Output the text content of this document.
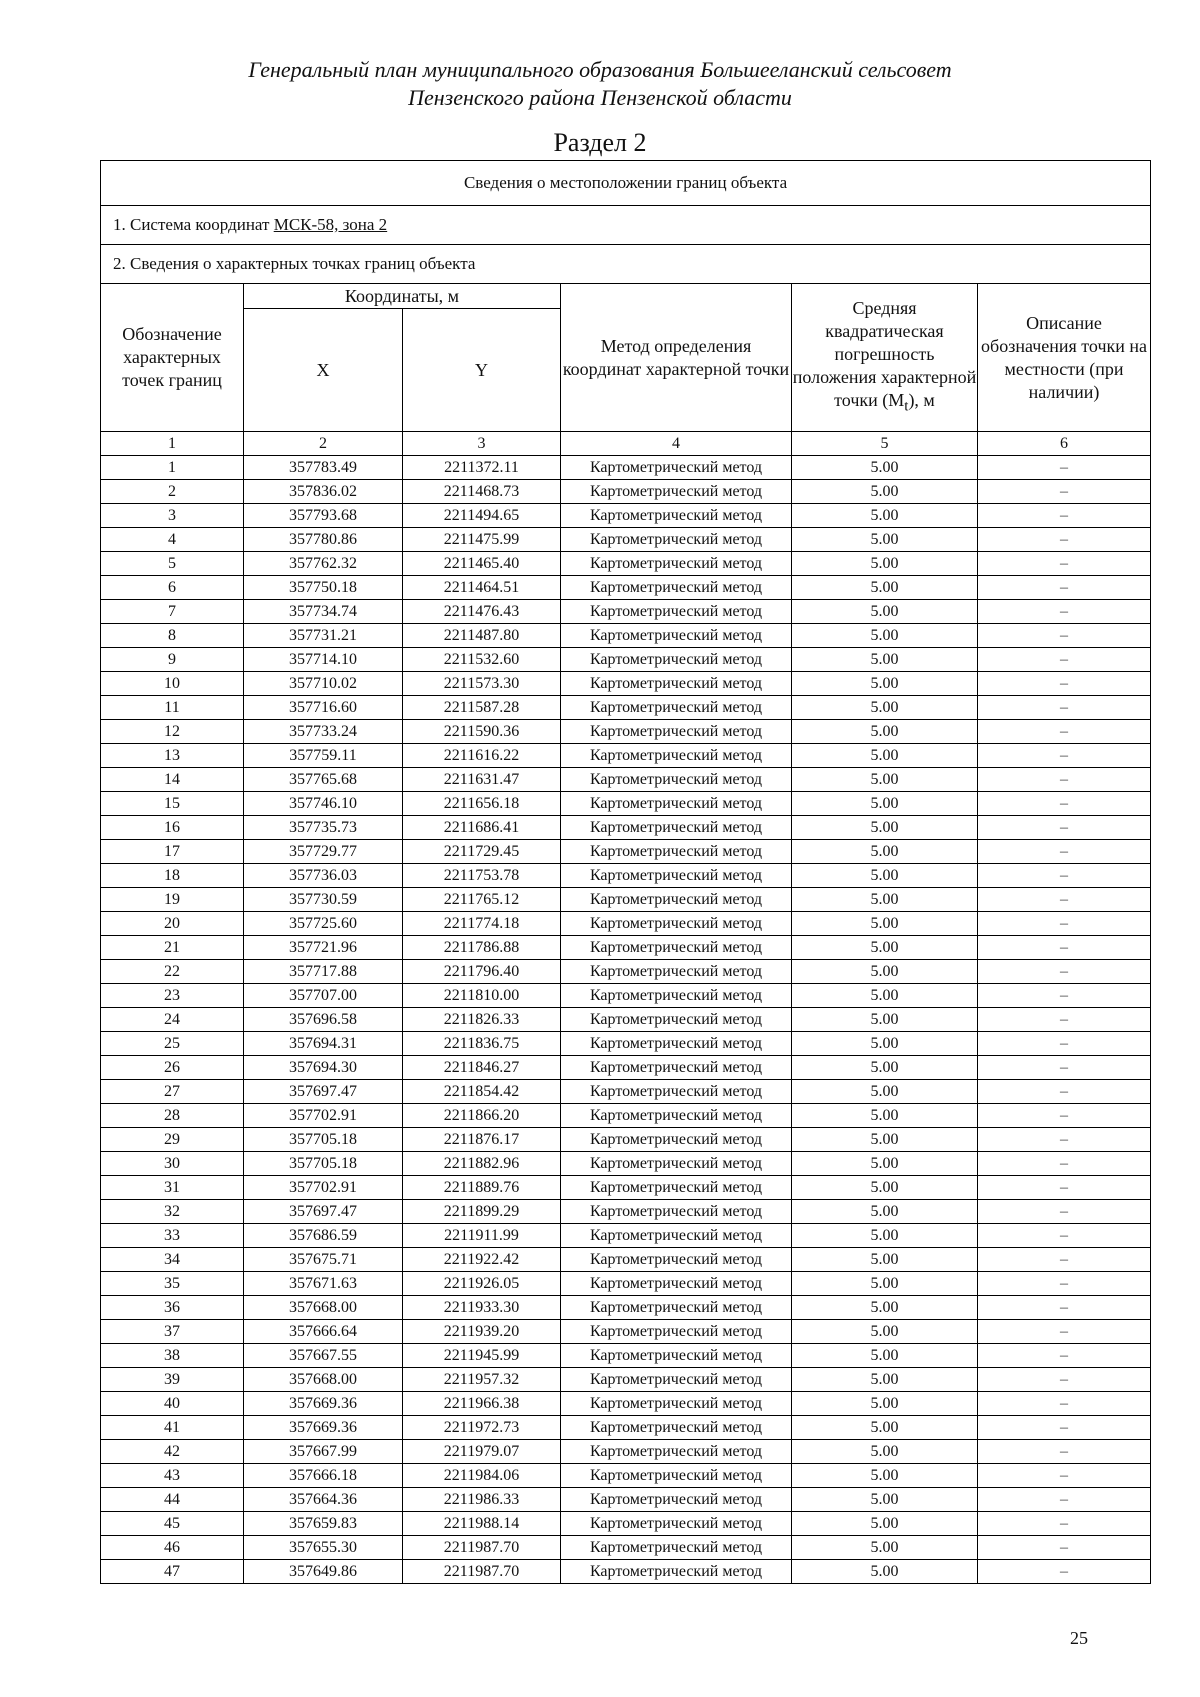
Генеральный план муниципального образования Большееланский сельсовет
Пензенского района Пензенской области
Раздел 2
Сведения о местоположении границ объекта					
1. Система координат МСК-58, зона 2					
2. Сведения о характерных точках границ объекта					
Обозначение характерных точек границ	Координаты, м		Метод определения координат характерной точки	Средняя квадратическая погрешность положения характерной точки $(M_t)$, м	Описание обозначения точки на местности (при наличии)
	X	Y			
1	2	3	4	5	6
1	357783.49	2211372.11	Картометрический метод	5.00	–
2	357836.02	2211468.73	Картометрический метод	5.00	–
3	357793.68	2211494.65	Картометрический метод	5.00	–
4	357780.86	2211475.99	Картометрический метод	5.00	–
5	357762.32	2211465.40	Картометрический метод	5.00	–
6	357750.18	2211464.51	Картометрический метод	5.00	–
7	357734.74	2211476.43	Картометрический метод	5.00	–
8	357731.21	2211487.80	Картометрический метод	5.00	–
9	357714.10	2211532.60	Картометрический метод	5.00	–
10	357710.02	2211573.30	Картометрический метод	5.00	–
11	357716.60	2211587.28	Картометрический метод	5.00	–
12	357733.24	2211590.36	Картометрический метод	5.00	–
13	357759.11	2211616.22	Картометрический метод	5.00	–
14	357765.68	2211631.47	Картометрический метод	5.00	–
15	357746.10	2211656.18	Картометрический метод	5.00	–
16	357735.73	2211686.41	Картометрический метод	5.00	–
17	357729.77	2211729.45	Картометрический метод	5.00	–
18	357736.03	2211753.78	Картометрический метод	5.00	–
19	357730.59	2211765.12	Картометрический метод	5.00	–
20	357725.60	2211774.18	Картометрический метод	5.00	–
21	357721.96	2211786.88	Картометрический метод	5.00	–
22	357717.88	2211796.40	Картометрический метод	5.00	–
23	357707.00	2211810.00	Картометрический метод	5.00	–
24	357696.58	2211826.33	Картометрический метод	5.00	–
25	357694.31	2211836.75	Картометрический метод	5.00	–
26	357694.30	2211846.27	Картометрический метод	5.00	–
27	357697.47	2211854.42	Картометрический метод	5.00	–
28	357702.91	2211866.20	Картометрический метод	5.00	–
29	357705.18	2211876.17	Картометрический метод	5.00	–
30	357705.18	2211882.96	Картометрический метод	5.00	–
31	357702.91	2211889.76	Картометрический метод	5.00	–
32	357697.47	2211899.29	Картометрический метод	5.00	–
33	357686.59	2211911.99	Картометрический метод	5.00	–
34	357675.71	2211922.42	Картометрический метод	5.00	–
35	357671.63	2211926.05	Картометрический метод	5.00	–
36	357668.00	2211933.30	Картометрический метод	5.00	–
37	357666.64	2211939.20	Картометрический метод	5.00	–
38	357667.55	2211945.99	Картометрический метод	5.00	–
39	357668.00	2211957.32	Картометрический метод	5.00	–
40	357669.36	2211966.38	Картометрический метод	5.00	–
41	357669.36	2211972.73	Картометрический метод	5.00	–
42	357667.99	2211979.07	Картометрический метод	5.00	–
43	357666.18	2211984.06	Картометрический метод	5.00	–
44	357664.36	2211986.33	Картометрический метод	5.00	–
45	357659.83	2211988.14	Картометрический метод	5.00	–
46	357655.30	2211987.70	Картометрический метод	5.00	–
47	357649.86	2211987.70	Картометрический метод	5.00	–
25
